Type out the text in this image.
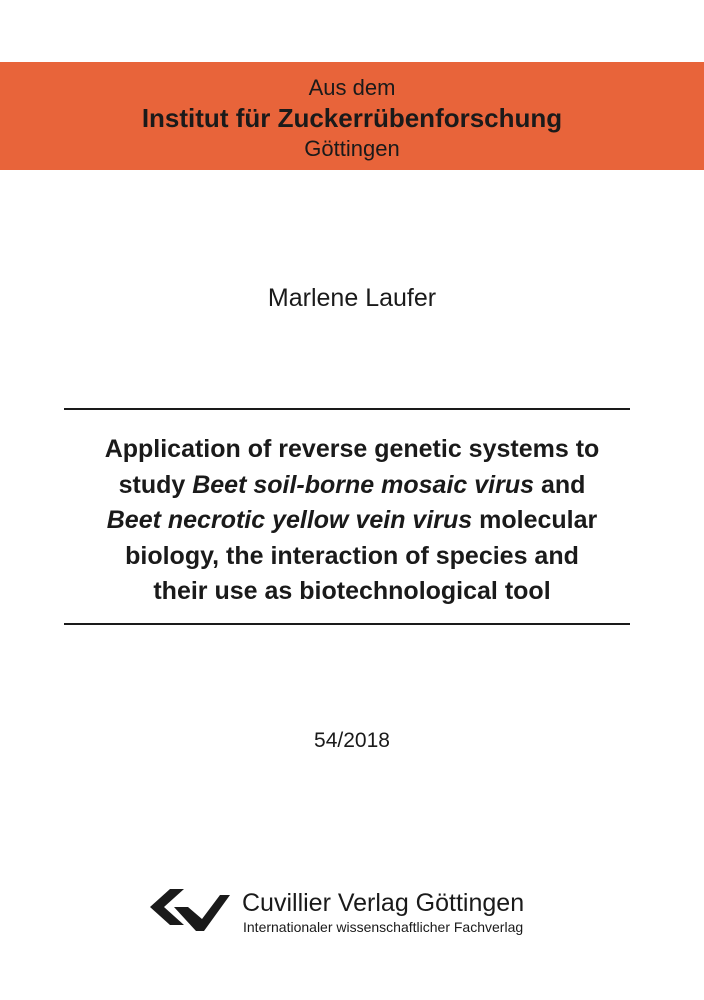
Aus dem
Institut für Zuckerrübenforschung
Göttingen
Marlene Laufer
Application of reverse genetic systems to
study Beet soil-borne mosaic virus and
Beet necrotic yellow vein virus molecular
biology, the interaction of species and
their use as biotechnological tool
54/2018
Cuvillier Verlag Göttingen
Internationaler wissenschaftlicher Fachverlag
